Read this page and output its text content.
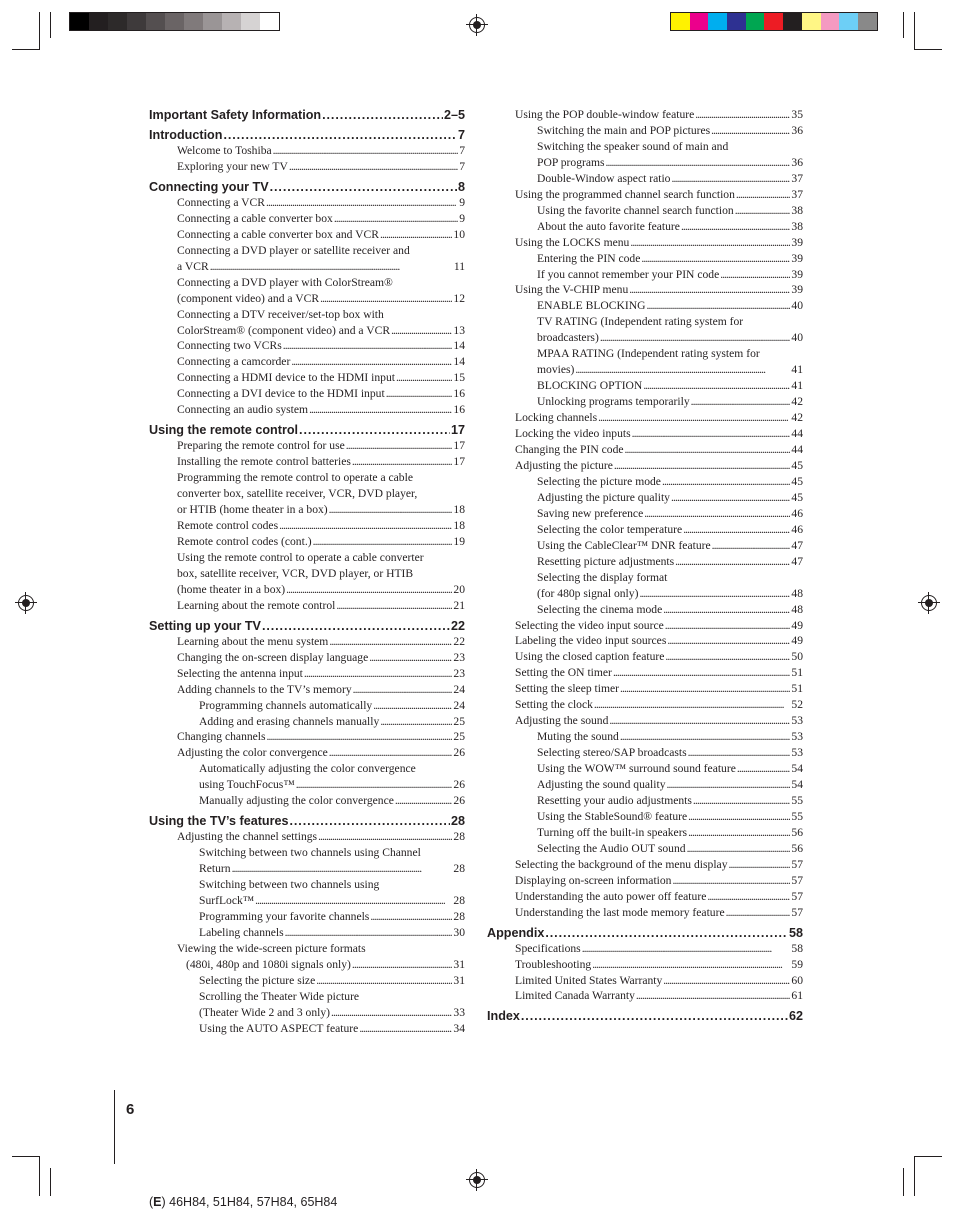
Important Safety Information . . .	2–5
Introduction . . .	7
Welcome to Toshiba . . .	7
Exploring your new TV . . .	7
Connecting your TV . . .	8
Connecting a VCR . . .	9
Connecting a cable converter box . . .	9
Connecting a cable converter box and VCR . . .	10
Connecting a DVD player or satellite receiver and
a VCR . . .	11
Connecting a DVD player with ColorStream®
(component video) and a VCR . . .	12
Connecting a DTV receiver/set-top box with
ColorStream® (component video) and a VCR . . .	13
Connecting two VCRs . . .	14
Connecting a camcorder . . .	14
Connecting a HDMI device to the HDMI input . . .	15
Connecting a DVI device to the HDMI input . . .	16
Connecting an audio system . . .	16
Using the remote control . . .	17
Preparing the remote control for use . . .	17
Installing the remote control batteries . . .	17
Programming the remote control to operate a cable
converter box, satellite receiver, VCR, DVD player,
or HTIB (home theater in a box) . . .	18
Remote control codes . . .	18
Remote control codes (cont.) . . .	19
Using the remote control to operate a cable converter
box, satellite receiver, VCR, DVD player, or HTIB
(home theater in a box) . . .	20
Learning about the remote control . . .	21
Setting up your TV . . .	22
Learning about the menu system . . .	22
Changing the on-screen display language . . .	23
Selecting the antenna input . . .	23
Adding channels to the TV’s memory . . .	24
Programming channels automatically . . .	24
Adding and erasing channels manually . . .	25
Changing channels . . .	25
Adjusting the color convergence . . .	26
Automatically adjusting the color convergence
using TouchFocus™ . . .	26
Manually adjusting the color convergence . . .	26
Using the TV’s features . . .	28
Adjusting the channel settings . . .	28
Switching between two channels using Channel
Return . . .	28
Switching between two channels using
SurfLock™ . . .	28
Programming your favorite channels . . .	28
Labeling channels . . .	30
Viewing the wide-screen picture formats
(480i, 480p and 1080i signals only) . . .	31
Selecting the picture size . . .	31
Scrolling the Theater Wide picture
(Theater Wide 2 and 3 only) . . .	33
Using the AUTO ASPECT feature . . .	34
Using the POP double-window feature . . .	35
Switching the main and POP pictures . . .	36
Switching the speaker sound of main and
POP programs . . .	36
Double-Window aspect ratio . . .	37
Using the programmed channel search function . . .	37
Using the favorite channel search function . . .	38
About the auto favorite feature . . .	38
Using the LOCKS menu . . .	39
Entering the PIN code . . .	39
If you cannot remember your PIN code . . .	39
Using the V-CHIP menu . . .	39
ENABLE BLOCKING . . .	40
TV RATING (Independent rating system for
broadcasters) . . .	40
MPAA RATING (Independent rating system for
movies) . . .	41
BLOCKING OPTION . . .	41
Unlocking programs temporarily . . .	42
Locking channels . . .	42
Locking the video inputs . . .	44
Changing the PIN code . . .	44
Adjusting the picture . . .	45
Selecting the picture mode . . .	45
Adjusting the picture quality . . .	45
Saving new preference . . .	46
Selecting the color temperature . . .	46
Using the CableClear™ DNR feature . . .	47
Resetting picture adjustments . . .	47
Selecting the display format
(for 480p signal only) . . .	48
Selecting the cinema mode . . .	48
Selecting the video input source . . .	49
Labeling the video input sources . . .	49
Using the closed caption feature . . .	50
Setting the ON timer . . .	51
Setting the sleep timer . . .	51
Setting the clock . . .	52
Adjusting the sound . . .	53
Muting the sound . . .	53
Selecting stereo/SAP broadcasts . . .	53
Using the WOW™ surround sound feature . . .	54
Adjusting the sound quality . . .	54
Resetting your audio adjustments . . .	55
Using the StableSound® feature . . .	55
Turning off the built-in speakers . . .	56
Selecting the Audio OUT sound . . .	56
Selecting the background of the menu display . . .	57
Displaying on-screen information . . .	57
Understanding the auto power off feature . . .	57
Understanding the last mode memory feature . . .	57
Appendix . . .	58
Specifications . . .	58
Troubleshooting . . .	59
Limited United States Warranty . . .	60
Limited Canada Warranty . . .	61
Index . . .	62
6
(E) 46H84, 51H84, 57H84, 65H84
